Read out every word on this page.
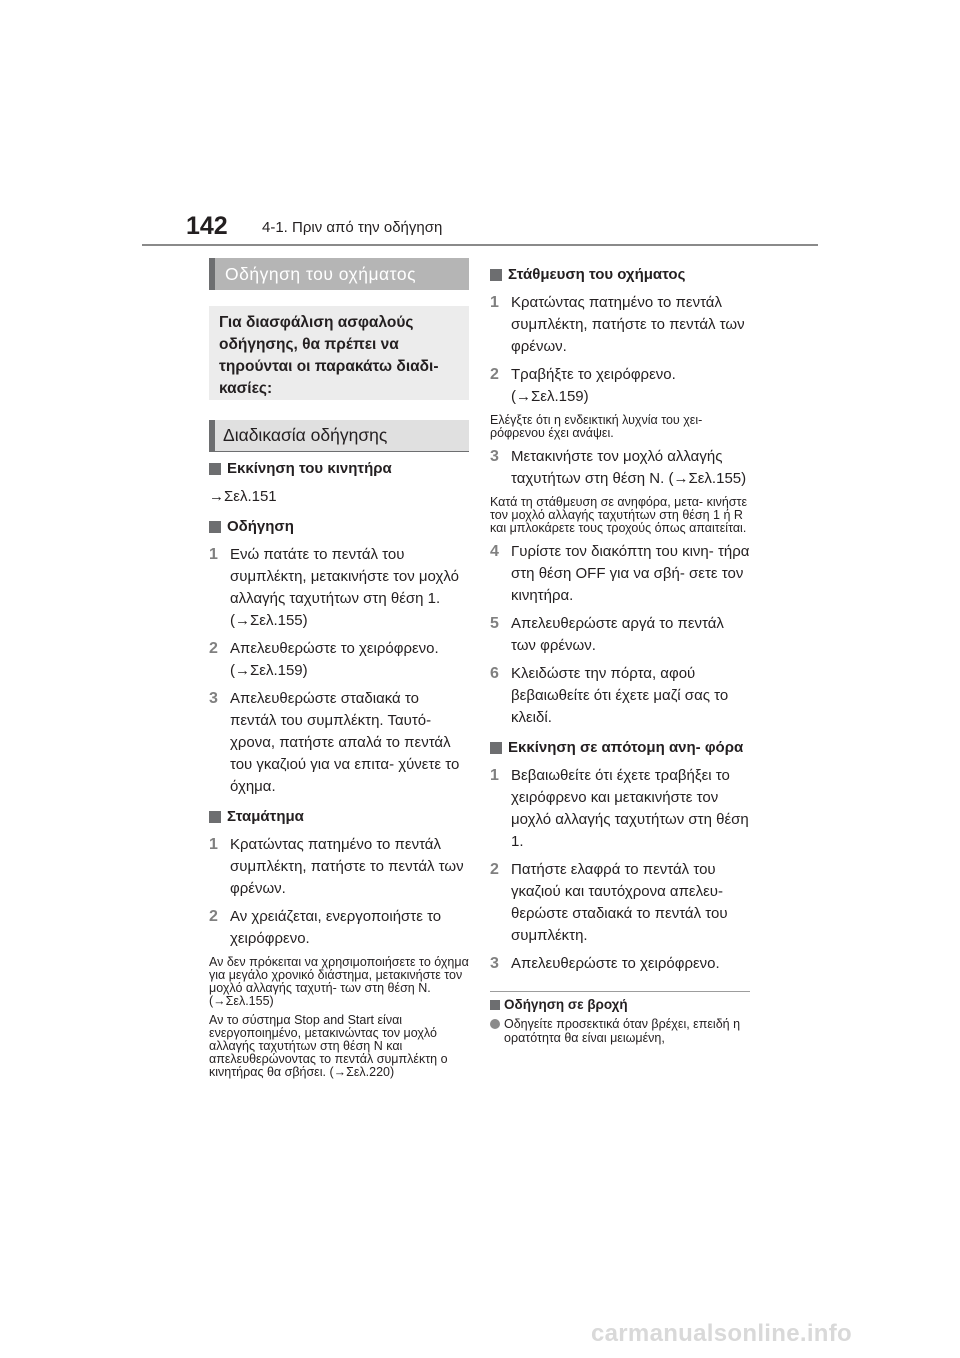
142 4-1. Πριν από την οδήγηση
Οδήγηση του οχήματος
Για διασφάλιση ασφαλούς οδήγησης, θα πρέπει να τηρούνται οι παρακάτω διαδι- κασίες:
Διαδικασία οδήγησης
Εκκίνηση του κινητήρα
→Σελ.151
Οδήγηση
1 Ενώ πατάτε το πεντάλ του συμπλέκτη, μετακινήστε τον μοχλό αλλαγής ταχυτήτων στη θέση 1. (→Σελ.155)
2 Απελευθερώστε το χειρόφρενο. (→Σελ.159)
3 Απελευθερώστε σταδιακά το πεντάλ του συμπλέκτη. Ταυτό- χρονα, πατήστε απαλά το πεντάλ του γκαζιού για να επιτα- χύνετε το όχημα.
Σταμάτημα
1 Κρατώντας πατημένο το πεντάλ συμπλέκτη, πατήστε το πεντάλ των φρένων.
2 Αν χρειάζεται, ενεργοποιήστε το χειρόφρενο.
Αν δεν πρόκειται να χρησιμοποιήσετε το όχημα για μεγάλο χρονικό διάστημα, μετακινήστε τον μοχλό αλλαγής ταχυτή- των στη θέση N. (→Σελ.155)
Αν το σύστημα Stop and Start είναι ενεργοποιημένο, μετακινώντας τον μοχλό αλλαγής ταχυτήτων στη θέση N και απελευθερώνοντας το πεντάλ συμπλέκτη ο κινητήρας θα σβήσει. (→Σελ.220)
Στάθμευση του οχήματος
1 Κρατώντας πατημένο το πεντάλ συμπλέκτη, πατήστε το πεντάλ των φρένων.
2 Τραβήξτε το χειρόφρενο. (→Σελ.159)
Ελέγξτε ότι η ενδεικτική λυχνία του χει- ρόφρενου έχει ανάψει.
3 Μετακινήστε τον μοχλό αλλαγής ταχυτήτων στη θέση N. (→Σελ.155)
Κατά τη στάθμευση σε ανηφόρα, μετα- κινήστε τον μοχλό αλλαγής ταχυτήτων στη θέση 1 ή R και μπλοκάρετε τους τροχούς όπως απαιτείται.
4 Γυρίστε τον διακόπτη του κινη- τήρα στη θέση OFF για να σβή- σετε τον κινητήρα.
5 Απελευθερώστε αργά το πεντάλ των φρένων.
6 Κλειδώστε την πόρτα, αφού βεβαιωθείτε ότι έχετε μαζί σας το κλειδί.
Εκκίνηση σε απότομη ανη- φόρα
1 Βεβαιωθείτε ότι έχετε τραβήξει το χειρόφρενο και μετακινήστε τον μοχλό αλλαγής ταχυτήτων στη θέση 1.
2 Πατήστε ελαφρά το πεντάλ του γκαζιού και ταυτόχρονα απελευ- θερώστε σταδιακά το πεντάλ του συμπλέκτη.
3 Απελευθερώστε το χειρόφρενο.
Οδήγηση σε βροχή
Οδηγείτε προσεκτικά όταν βρέχει, επειδή η ορατότητα θα είναι μειωμένη,
carmanualsonline.info
